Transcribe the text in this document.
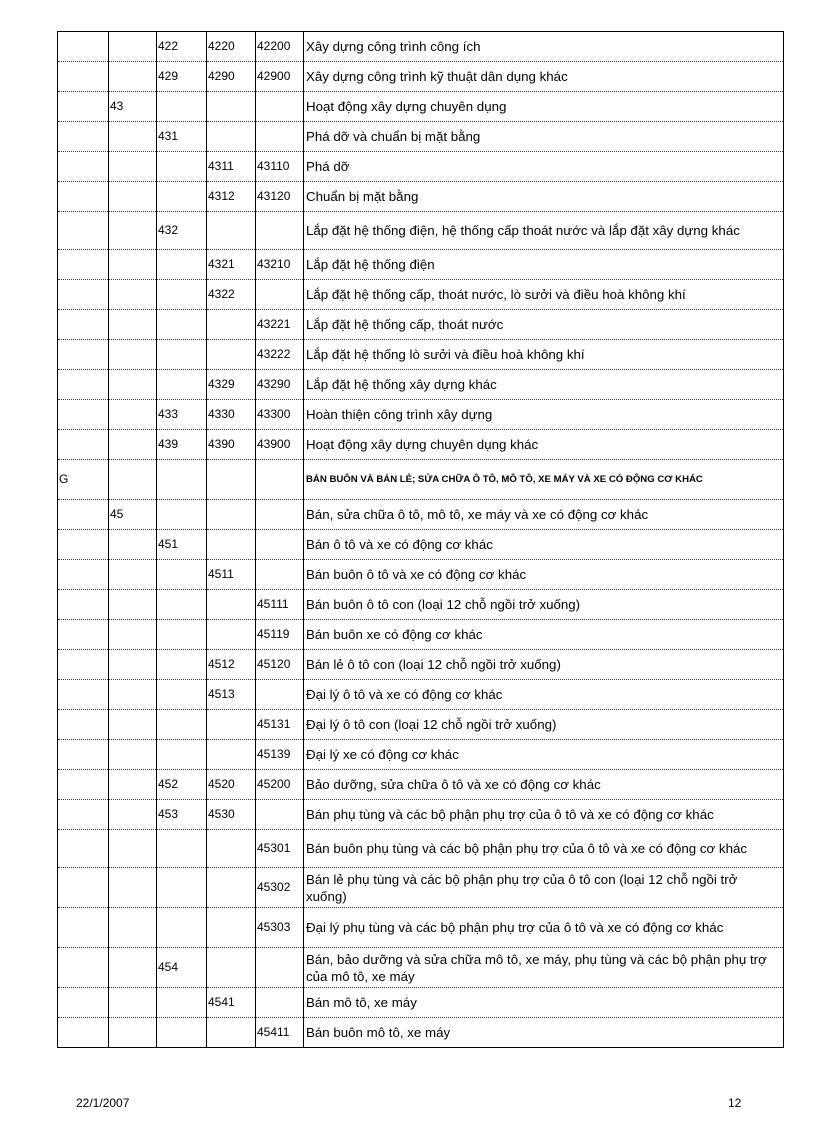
		422	4220	42200	Xây dựng công trình công ích
		429	4290	42900	Xây dựng công trình kỹ thuật dân dụng khác
	43				Hoạt động xây dựng chuyên dụng
		431			Phá dỡ và chuẩn bị mặt bằng
			4311	43110	Phá dỡ
			4312	43120	Chuẩn bị mặt bằng
		432			Lắp đặt hệ thống điện, hệ thống cấp thoát nước và lắp đặt xây dựng khác
			4321	43210	Lắp đặt hệ thống điện
			4322		Lắp đặt hệ thống cấp, thoát nước, lò sưởi và điều hoà không khí
				43221	Lắp đặt hệ thống cấp, thoát nước
				43222	Lắp đặt hệ thống lò sưởi và điều hoà không khí
			4329	43290	Lắp đặt hệ thống xây dựng khác
		433	4330	43300	Hoàn thiện công trình xây dựng
		439	4390	43900	Hoạt động xây dựng chuyên dụng khác
G					BÁN BUÔN VÀ BÁN LẺ; SỬA CHỮA Ô TÔ, MÔ TÔ, XE MÁY VÀ XE CÓ ĐỘNG CƠ KHÁC
	45				Bán, sửa chữa ô tô, mô tô, xe máy và xe có động cơ khác
		451			Bán ô tô và xe có động cơ khác
			4511		Bán buôn ô tô và xe có động cơ khác
				45111	Bán buôn ô tô con (loại 12 chỗ ngồi trở xuống)
				45119	Bán buôn xe có động cơ khác
			4512	45120	Bán lẻ ô tô con (loại 12 chỗ ngồi trở xuống)
			4513		Đại lý ô tô và xe có động cơ khác
				45131	Đại lý ô tô con (loại 12 chỗ ngồi trở xuống)
				45139	Đại lý xe có động cơ khác
		452	4520	45200	Bảo dưỡng, sửa chữa ô tô và xe có động cơ khác
		453	4530		Bán phụ tùng và các bộ phận phụ trợ của ô tô và xe có động cơ khác
				45301	Bán buôn phụ tùng và các bộ phận phụ trợ của ô tô và xe có động cơ khác
				45302	Bán lẻ phụ tùng và các bộ phận phụ trợ của ô tô con (loại 12 chỗ ngồi trở xuống)
				45303	Đại lý phụ tùng và các bộ phận phụ trợ của ô tô và xe có động cơ khác
		454			Bán, bảo dưỡng và sửa chữa mô tô, xe máy, phụ tùng và các bộ phận phụ trợ của mô tô, xe máy
			4541		Bán mô tô, xe máy
				45411	Bán buôn mô tô, xe máy
22/1/2007	12
